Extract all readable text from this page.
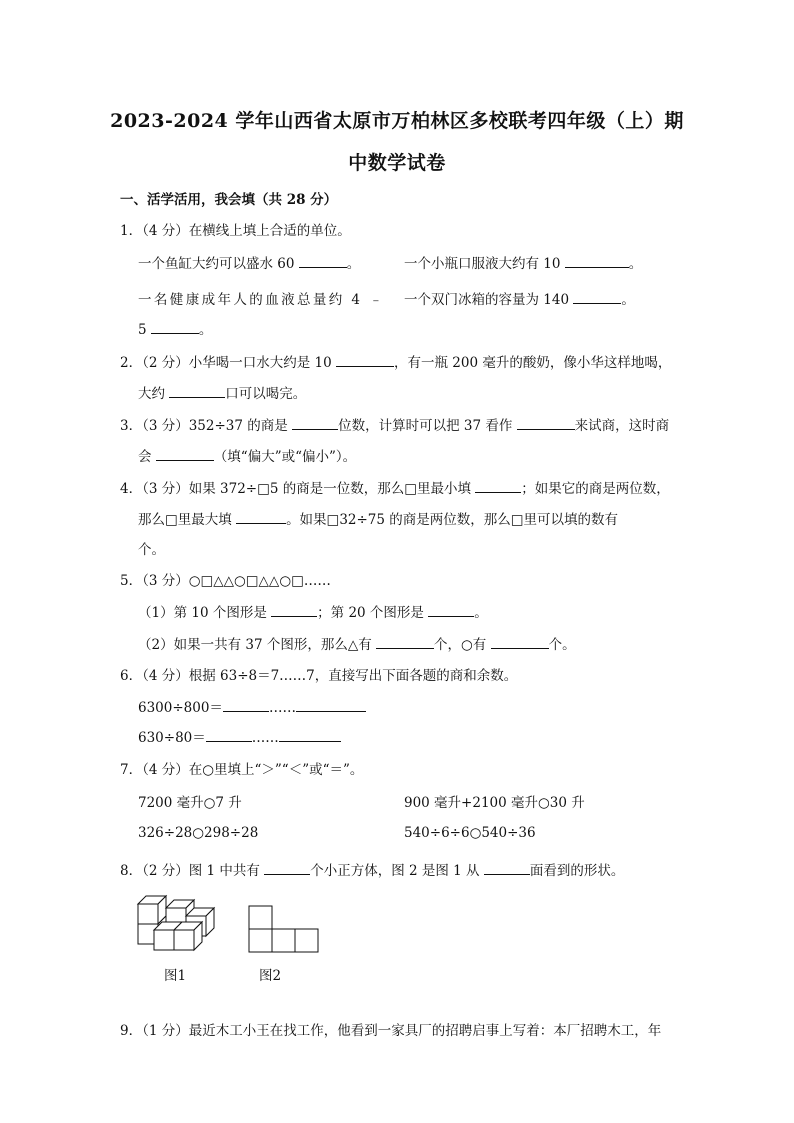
2023-2024 学年山西省太原市万柏林区多校联考四年级（上）期
中数学试卷
一、活学活用，我会填（共 28 分）
1．（4 分）在横线上填上合适的单位。
一个鱼缸大约可以盛水 60	。	一个小瓶口服液大约有 10	。
一名健康成年人的血液总量约 4 ﹣ 一个双门冰箱的容量为 140	。
5	。
2．（2 分）小华喝一口水大约是 10	，有一瓶 200 毫升的酸奶，像小华这样地喝，
大约	口可以喝完。
3．（3 分）352÷37 的商是	位数，计算时可以把 37 看作	来试商，这时商
会	（填“偏大”或“偏小”）。
4．（3 分）如果 372÷□5 的商是一位数，那么□里最小填	；如果它的商是两位数，
那么□里最大填	。如果□32÷75 的商是两位数，那么□里可以填的数有
个。
5．（3 分）○□△△○□△△○□……
（1）第 10 个图形是	；第 20 个图形是	。
（2）如果一共有 37 个图形，那么△有	个，○有	个。
6．（4 分）根据 63÷8＝7……7，直接写出下面各题的商和余数。
6300÷800＝	……
630÷80＝	……
7．（4 分）在○里填上“＞”“＜”或“＝”。
7200 毫升○7 升	900 毫升+2100 毫升○30 升
326÷28○298÷28	540÷6÷6○540÷36
8．（2 分）图 1 中共有	个小正方体，图 2 是图 1 从	面看到的形状。
图1	图2
9．（1 分）最近木工小王在找工作，他看到一家具厂的招聘启事上写着：本厂招聘木工，年
